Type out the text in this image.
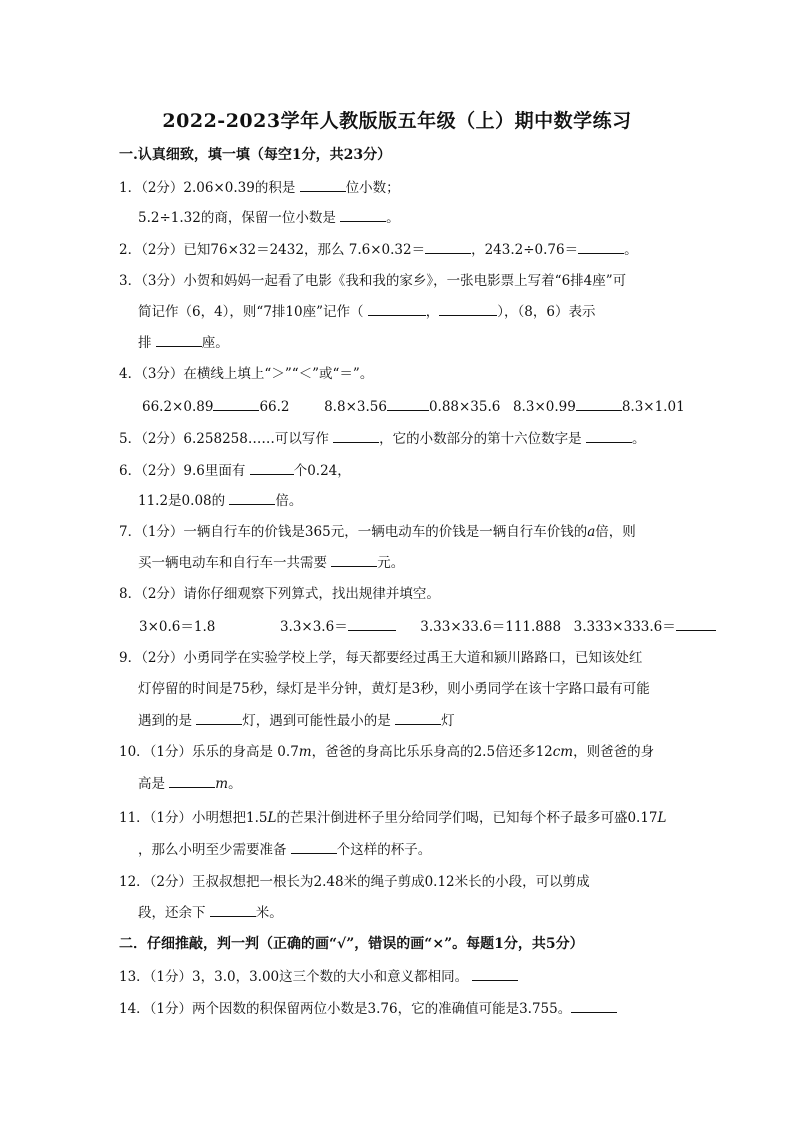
2022-2023学年人教版版五年级（上）期中数学练习
一.认真细致，填一填（每空1分，共23分）
1．（2分）2.06×0.39的积是	位小数；
5.2÷1.32的商，保留一位小数是	。
2．（2分）已知76×32＝2432，那么 7.6×0.32＝	，243.2÷0.76＝	。
3．（3分）小贺和妈妈一起看了电影《我和我的家乡》，一张电影票上写着“6排4座”可
简记作（6，4），则“7排10座”记作（	，	），（8，6）表示
排	座。
4．（3分）在横线上填上“＞”“＜”或“＝”。
66.2×0.89	66.2	8.8×3.56	0.88×35.6 8.3×0.99	8.3×1.01
5．（2分）6.258258……可以写作	，它的小数部分的第十六位数字是	。
6．（2分）9.6里面有	个0.24，
11.2是0.08的	倍。
7．（1分）一辆自行车的价钱是365元，一辆电动车的价钱是一辆自行车价钱的a倍，则
买一辆电动车和自行车一共需要	元。
8．（2分）请你仔细观察下列算式，找出规律并填空。
3×0.6＝1.8	3.3×3.6＝	3.33×33.6＝111.888 3.333×333.6＝
9．（2分）小勇同学在实验学校上学，每天都要经过禹王大道和颍川路路口，已知该处红
灯停留的时间是75秒，绿灯是半分钟，黄灯是3秒，则小勇同学在该十字路口最有可能
遇到的是	灯，遇到可能性最小的是	灯
10．（1分）乐乐的身高是 0.7m，爸爸的身高比乐乐身高的2.5倍还多12cm，则爸爸的身
高是	m。
11．（1分）小明想把1.5L的芒果汁倒进杯子里分给同学们喝，已知每个杯子最多可盛0.17L
，那么小明至少需要准备	个这样的杯子。
12．（2分）王叔叔想把一根长为2.48米的绳子剪成0.12米长的小段，可以剪成
段，还余下	米。
二．仔细推敲，判一判（正确的画“√”，错误的画“×”。每题1分，共5分）
13．（1分）3，3.0，3.00这三个数的大小和意义都相同。
14．（1分）两个因数的积保留两位小数是3.76，它的准确值可能是3.755。
